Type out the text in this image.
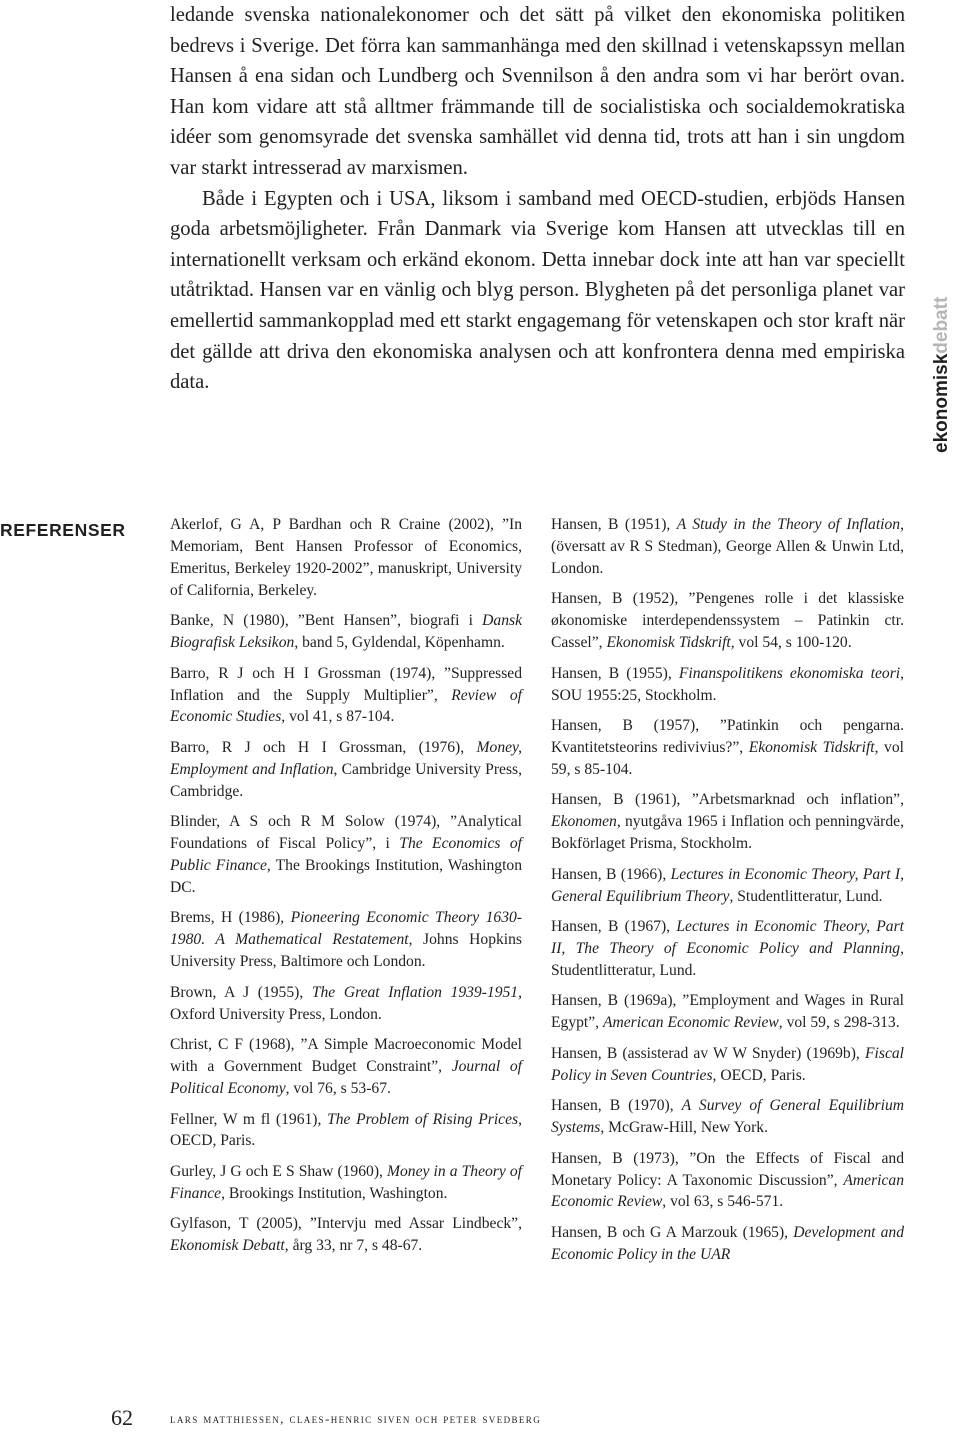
ledande svenska nationalekonomer och det sätt på vilket den ekonomiska politiken bedrevs i Sverige. Det förra kan sammanhänga med den skillnad i vetenskapssyn mellan Hansen å ena sidan och Lundberg och Svennilson å den andra som vi har berört ovan. Han kom vidare att stå alltmer främmande till de socialistiska och socialdemokratiska idéer som genomsyrade det svenska samhället vid denna tid, trots att han i sin ungdom var starkt intresserad av marxismen.

Både i Egypten och i USA, liksom i samband med OECD-studien, erbjöds Hansen goda arbetsmöjligheter. Från Danmark via Sverige kom Hansen att utvecklas till en internationellt verksam och erkänd ekonom. Detta innebar dock inte att han var speciellt utåtriktad. Hansen var en vänlig och blyg person. Blygheten på det personliga planet var emellertid sammankopplad med ett starkt engagemang för vetenskapen och stor kraft när det gällde att driva den ekonomiska analysen och att konfrontera denna med empiriska data.	ekonomiskdebatt
REFERENSER	Akerlof, G A, P Bardhan och R Craine (2002), ”In Memoriam, Bent Hansen Professor of Economics, Emeritus, Berkeley 1920-2002”, manuskript, University of California, Berkeley.

Banke, N (1980), ”Bent Hansen”, biografi i Dansk Biografisk Leksikon, band 5, Gyldendal, Köpenhamn.

Barro, R J och H I Grossman (1974), ”Suppressed Inflation and the Supply Multiplier”, Review of Economic Studies, vol 41, s 87-104.

Barro, R J och H I Grossman, (1976), Money, Employment and Inflation, Cambridge University Press, Cambridge.

Blinder, A S och R M Solow (1974), ”Analytical Foundations of Fiscal Policy”, i The Economics of Public Finance, The Brookings Institution, Washington DC.

Brems, H (1986), Pioneering Economic Theory 1630-1980. A Mathematical Restatement, Johns Hopkins University Press, Baltimore och London.

Brown, A J (1955), The Great Inflation 1939-1951, Oxford University Press, London.

Christ, C F (1968), ”A Simple Macroeconomic Model with a Government Budget Constraint”, Journal of Political Economy, vol 76, s 53-67.

Fellner, W m fl (1961), The Problem of Rising Prices, OECD, Paris.

Gurley, J G och E S Shaw (1960), Money in a Theory of Finance, Brookings Institution, Washington.

Gylfason, T (2005), ”Intervju med Assar Lindbeck”, Ekonomisk Debatt, årg 33, nr 7, s 48-67.

Hansen, B (1951), A Study in the Theory of Inflation, (översatt av R S Stedman), George Allen & Unwin Ltd, London.

Hansen, B (1952), ”Pengenes rolle i det klassiske økonomiske interdependenssystem – Patinkin ctr. Cassel”, Ekonomisk Tidskrift, vol 54, s 100-120.

Hansen, B (1955), Finanspolitikens ekonomiska teori, SOU 1955:25, Stockholm.

Hansen, B (1957), ”Patinkin och pengarna. Kvantitetsteorins redivivius?”, Ekonomisk Tidskrift, vol 59, s 85-104.

Hansen, B (1961), ”Arbetsmarknad och inflation”, Ekonomen, nyutgåva 1965 i Inflation och penningvärde, Bokförlaget Prisma, Stockholm.

Hansen, B (1966), Lectures in Economic Theory, Part I, General Equilibrium Theory, Studentlitteratur, Lund.

Hansen, B (1967), Lectures in Economic Theory, Part II, The Theory of Economic Policy and Planning, Studentlitteratur, Lund.

Hansen, B (1969a), ”Employment and Wages in Rural Egypt”, American Economic Review, vol 59, s 298-313.

Hansen, B (assisterad av W W Snyder) (1969b), Fiscal Policy in Seven Countries, OECD, Paris.

Hansen, B (1970), A Survey of General Equilibrium Systems, McGraw-Hill, New York.

Hansen, B (1973), ”On the Effects of Fiscal and Monetary Policy: A Taxonomic Discussion”, American Economic Review, vol 63, s 546-571.

Hansen, B och G A Marzouk (1965), Development and Economic Policy in the UAR

62	lars matthiessen, claes-henric siven och peter svedberg
